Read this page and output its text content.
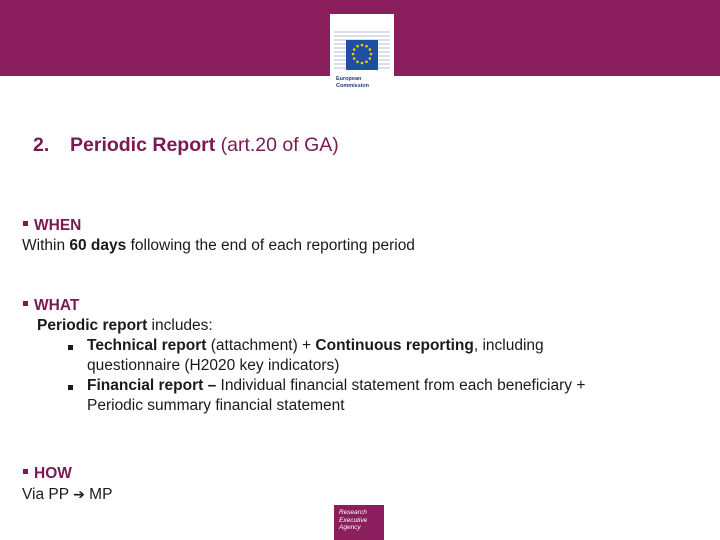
European
Commission
2. Periodic Report (art.20 of GA)
WHEN
Within 60 days following the end of each reporting period
WHAT
Periodic report includes:
Technical report (attachment) + Continuous reporting, including
questionnaire (H2020 key indicators)
Financial report – Individual financial statement from each beneficiary +
Periodic summary financial statement
HOW
Via PP ➔ MP
Research
Executive
Agency
